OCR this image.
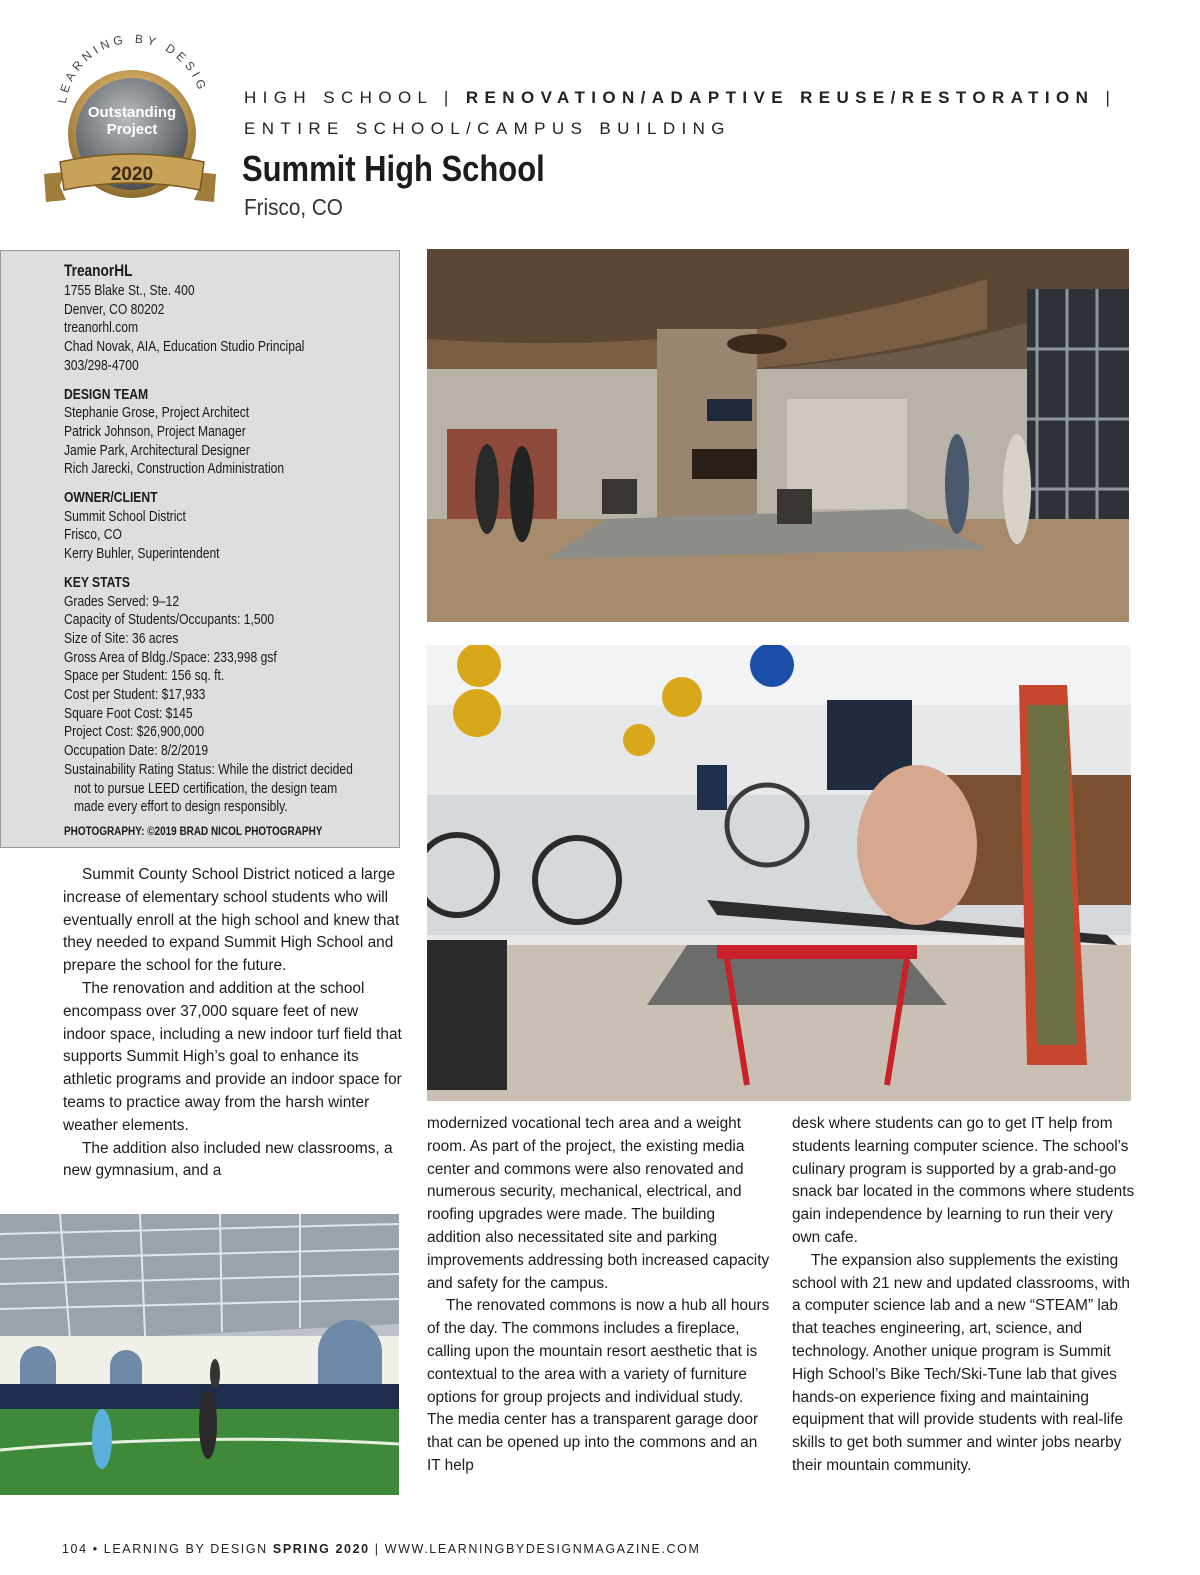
LEARNING BY DESIG
Outstanding
Project
2020
HIGH SCHOOL | RENOVATION/ADAPTIVE REUSE/RESTORATION |
ENTIRE SCHOOL/CAMPUS BUILDING
Summit High School
Frisco, CO
TreanorHL
1755 Blake St., Ste. 400
Denver, CO 80202
treanorhl.com
Chad Novak, AIA, Education Studio Principal
303/298-4700
DESIGN TEAM
Stephanie Grose, Project Architect
Patrick Johnson, Project Manager
Jamie Park, Architectural Designer
Rich Jarecki, Construction Administration
OWNER/CLIENT
Summit School District
Frisco, CO
Kerry Buhler, Superintendent
KEY STATS
Grades Served: 9–12
Capacity of Students/Occupants: 1,500
Size of Site: 36 acres
Gross Area of Bldg./Space: 233,998 gsf
Space per Student: 156 sq. ft.
Cost per Student: $17,933
Square Foot Cost: $145
Project Cost: $26,900,000
Occupation Date: 8/2/2019
Sustainability Rating Status: While the district decided
not to pursue LEED certification, the design team
made every effort to design responsibly.
PHOTOGRAPHY: ©2019 BRAD NICOL PHOTOGRAPHY

Summit County School District noticed a large increase of elementary school students who will eventually enroll at the high school and knew that they needed to expand Summit High School and prepare the school for the future.

The renovation and addition at the school encompass over 37,000 square feet of new indoor space, including a new indoor turf field that supports Summit High’s goal to enhance its athletic programs and provide an indoor space for teams to practice away from the harsh winter weather elements.

The addition also included new classrooms, a new gymnasium, and a

modernized vocational tech area and a weight room. As part of the project, the existing media center and commons were also renovated and numerous security, mechanical, electrical, and roofing upgrades were made. The building addition also necessitated site and parking improvements addressing both increased capacity and safety for the campus.

The renovated commons is now a hub all hours of the day. The commons includes a fireplace, calling upon the mountain resort aesthetic that is contextual to the area with a variety of furniture options for group projects and individual study. The media center has a transparent garage door that can be opened up into the commons and an IT help

desk where students can go to get IT help from students learning computer science. The school’s culinary program is supported by a grab-and-go snack bar located in the commons where students gain independence by learning to run their very own cafe.

The expansion also supplements the existing school with 21 new and updated classrooms, with a computer science lab and a new “STEAM” lab that teaches engineering, art, science, and technology. Another unique program is Summit High School’s Bike Tech/Ski-Tune lab that gives hands-on experience fixing and maintaining equipment that will provide students with real-life skills to get both summer and winter jobs nearby their mountain community.

104 • LEARNING BY DESIGN SPRING 2020 | WWW.LEARNINGBYDESIGNMAGAZINE.COM
